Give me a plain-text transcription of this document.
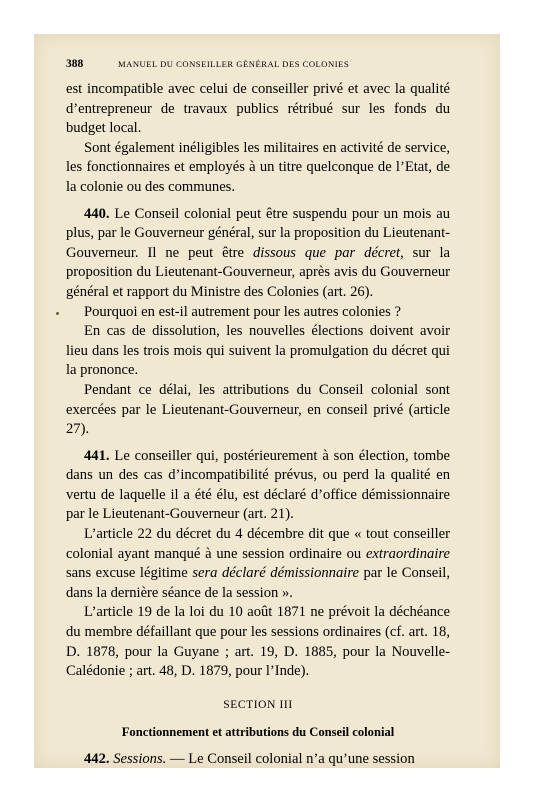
388	MANUEL DU CONSEILLER GÉNÉRAL DES COLONIES

est incompatible avec celui de conseiller privé et avec la qualité d’entrepreneur de travaux publics rétribué sur les fonds du budget local.

Sont également inéligibles les militaires en activité de service, les fonctionnaires et employés à un titre quelconque de l’Etat, de la colonie ou des communes.

440. Le Conseil colonial peut être suspendu pour un mois au plus, par le Gouverneur général, sur la proposition du Lieutenant-Gouverneur. Il ne peut être dissous que par décret, sur la proposition du Lieutenant-Gouverneur, après avis du Gouverneur général et rapport du Ministre des Colonies (art. 26).

Pourquoi en est-il autrement pour les autres colonies ?

En cas de dissolution, les nouvelles élections doivent avoir lieu dans les trois mois qui suivent la promulgation du décret qui la prononce.

Pendant ce délai, les attributions du Conseil colonial sont exercées par le Lieutenant-Gouverneur, en conseil privé (article 27).

441. Le conseiller qui, postérieurement à son élection, tombe dans un des cas d’incompatibilité prévus, ou perd la qualité en vertu de laquelle il a été élu, est déclaré d’office démissionnaire par le Lieutenant-Gouverneur (art. 21).

L’article 22 du décret du 4 décembre dit que « tout conseiller colonial ayant manqué à une session ordinaire ou extraordinaire sans excuse légitime sera déclaré démissionnaire par le Conseil, dans la dernière séance de la session ».

L’article 19 de la loi du 10 août 1871 ne prévoit la déchéance du membre défaillant que pour les sessions ordinaires (cf. art. 18, D. 1878, pour la Guyane ; art. 19, D. 1885, pour la Nouvelle-Calédonie ; art. 48, D. 1879, pour l’Inde).

SECTION III

Fonctionnement et attributions du Conseil colonial

442. Sessions. — Le Conseil colonial n’a qu’une session
